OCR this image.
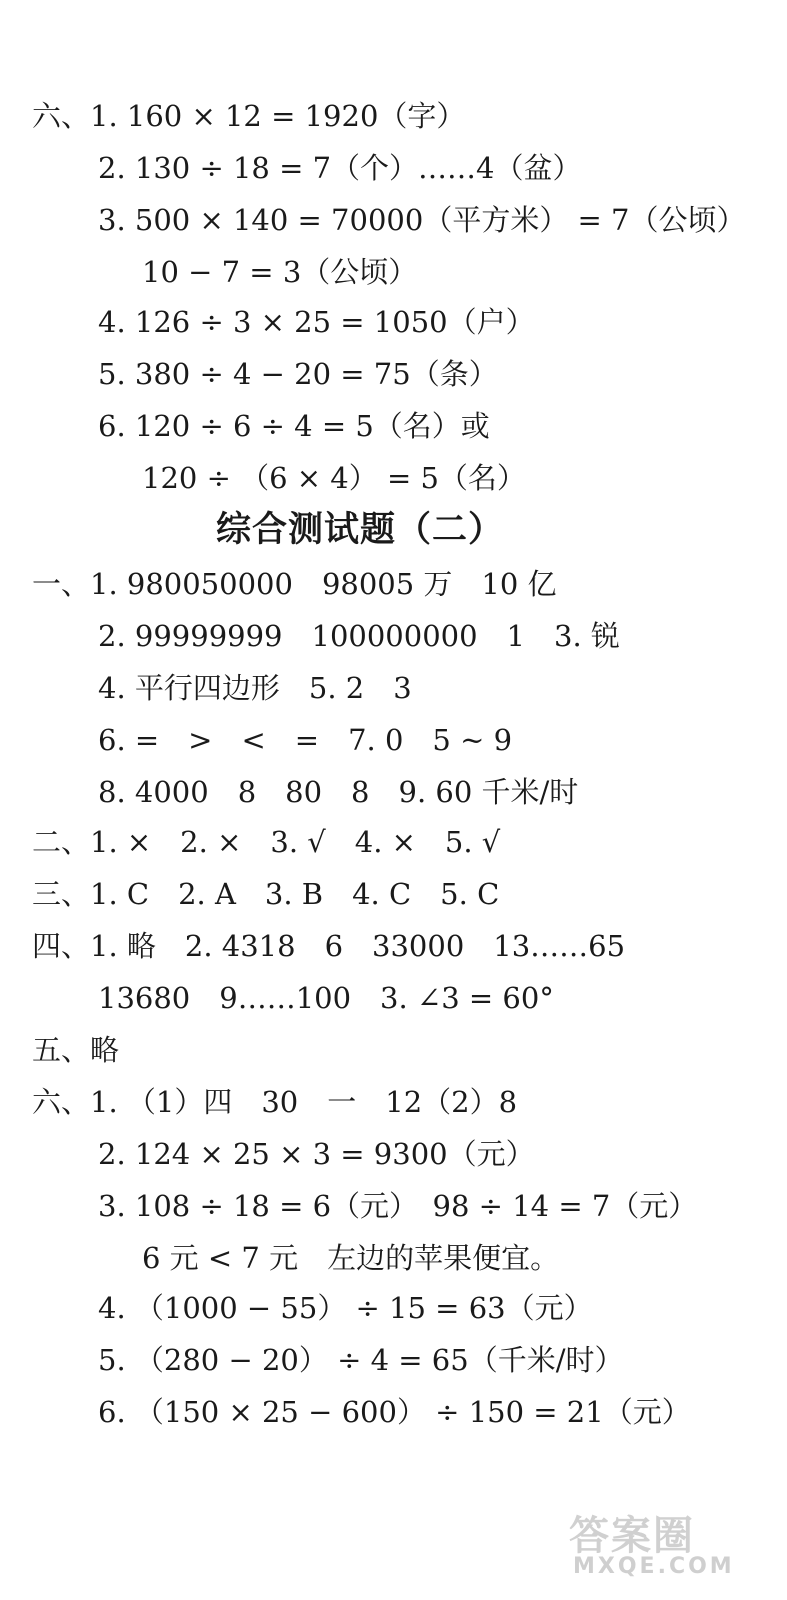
六、1. 160 × 12 = 1920（字）
2. 130 ÷ 18 = 7（个）……4（盆）
3. 500 × 140 = 70000（平方米） = 7（公顷）
10 − 7 = 3（公顷）
4. 126 ÷ 3 × 25 = 1050（户）
5. 380 ÷ 4 − 20 = 75（条）
6. 120 ÷ 6 ÷ 4 = 5（名）或
120 ÷ （6 × 4） = 5（名）
综合测试题（二）
一、1. 980050000　98005 万　10 亿
2. 99999999　100000000　1　3. 锐
4. 平行四边形　5. 2　3
6. =　>　<　=　7. 0　5 ~ 9
8. 4000　8　80　8　9. 60 千米/时
二、1. ×　2. ×　3. √　4. ×　5. √
三、1. C　2. A　3. B　4. C　5. C
四、1. 略　2. 4318　6　33000　13……65
13680　9……100　3. ∠3 = 60°
五、略
六、1. （1）四　30　一　12（2）8
2. 124 × 25 × 3 = 9300（元）
3. 108 ÷ 18 = 6（元）　98 ÷ 14 = 7（元）
6 元 < 7 元　左边的苹果便宜。
4. （1000 − 55） ÷ 15 = 63（元）
5. （280 − 20） ÷ 4 = 65（千米/时）
6. （150 × 25 − 600） ÷ 150 = 21（元）
答案圈
MXQE.COM
